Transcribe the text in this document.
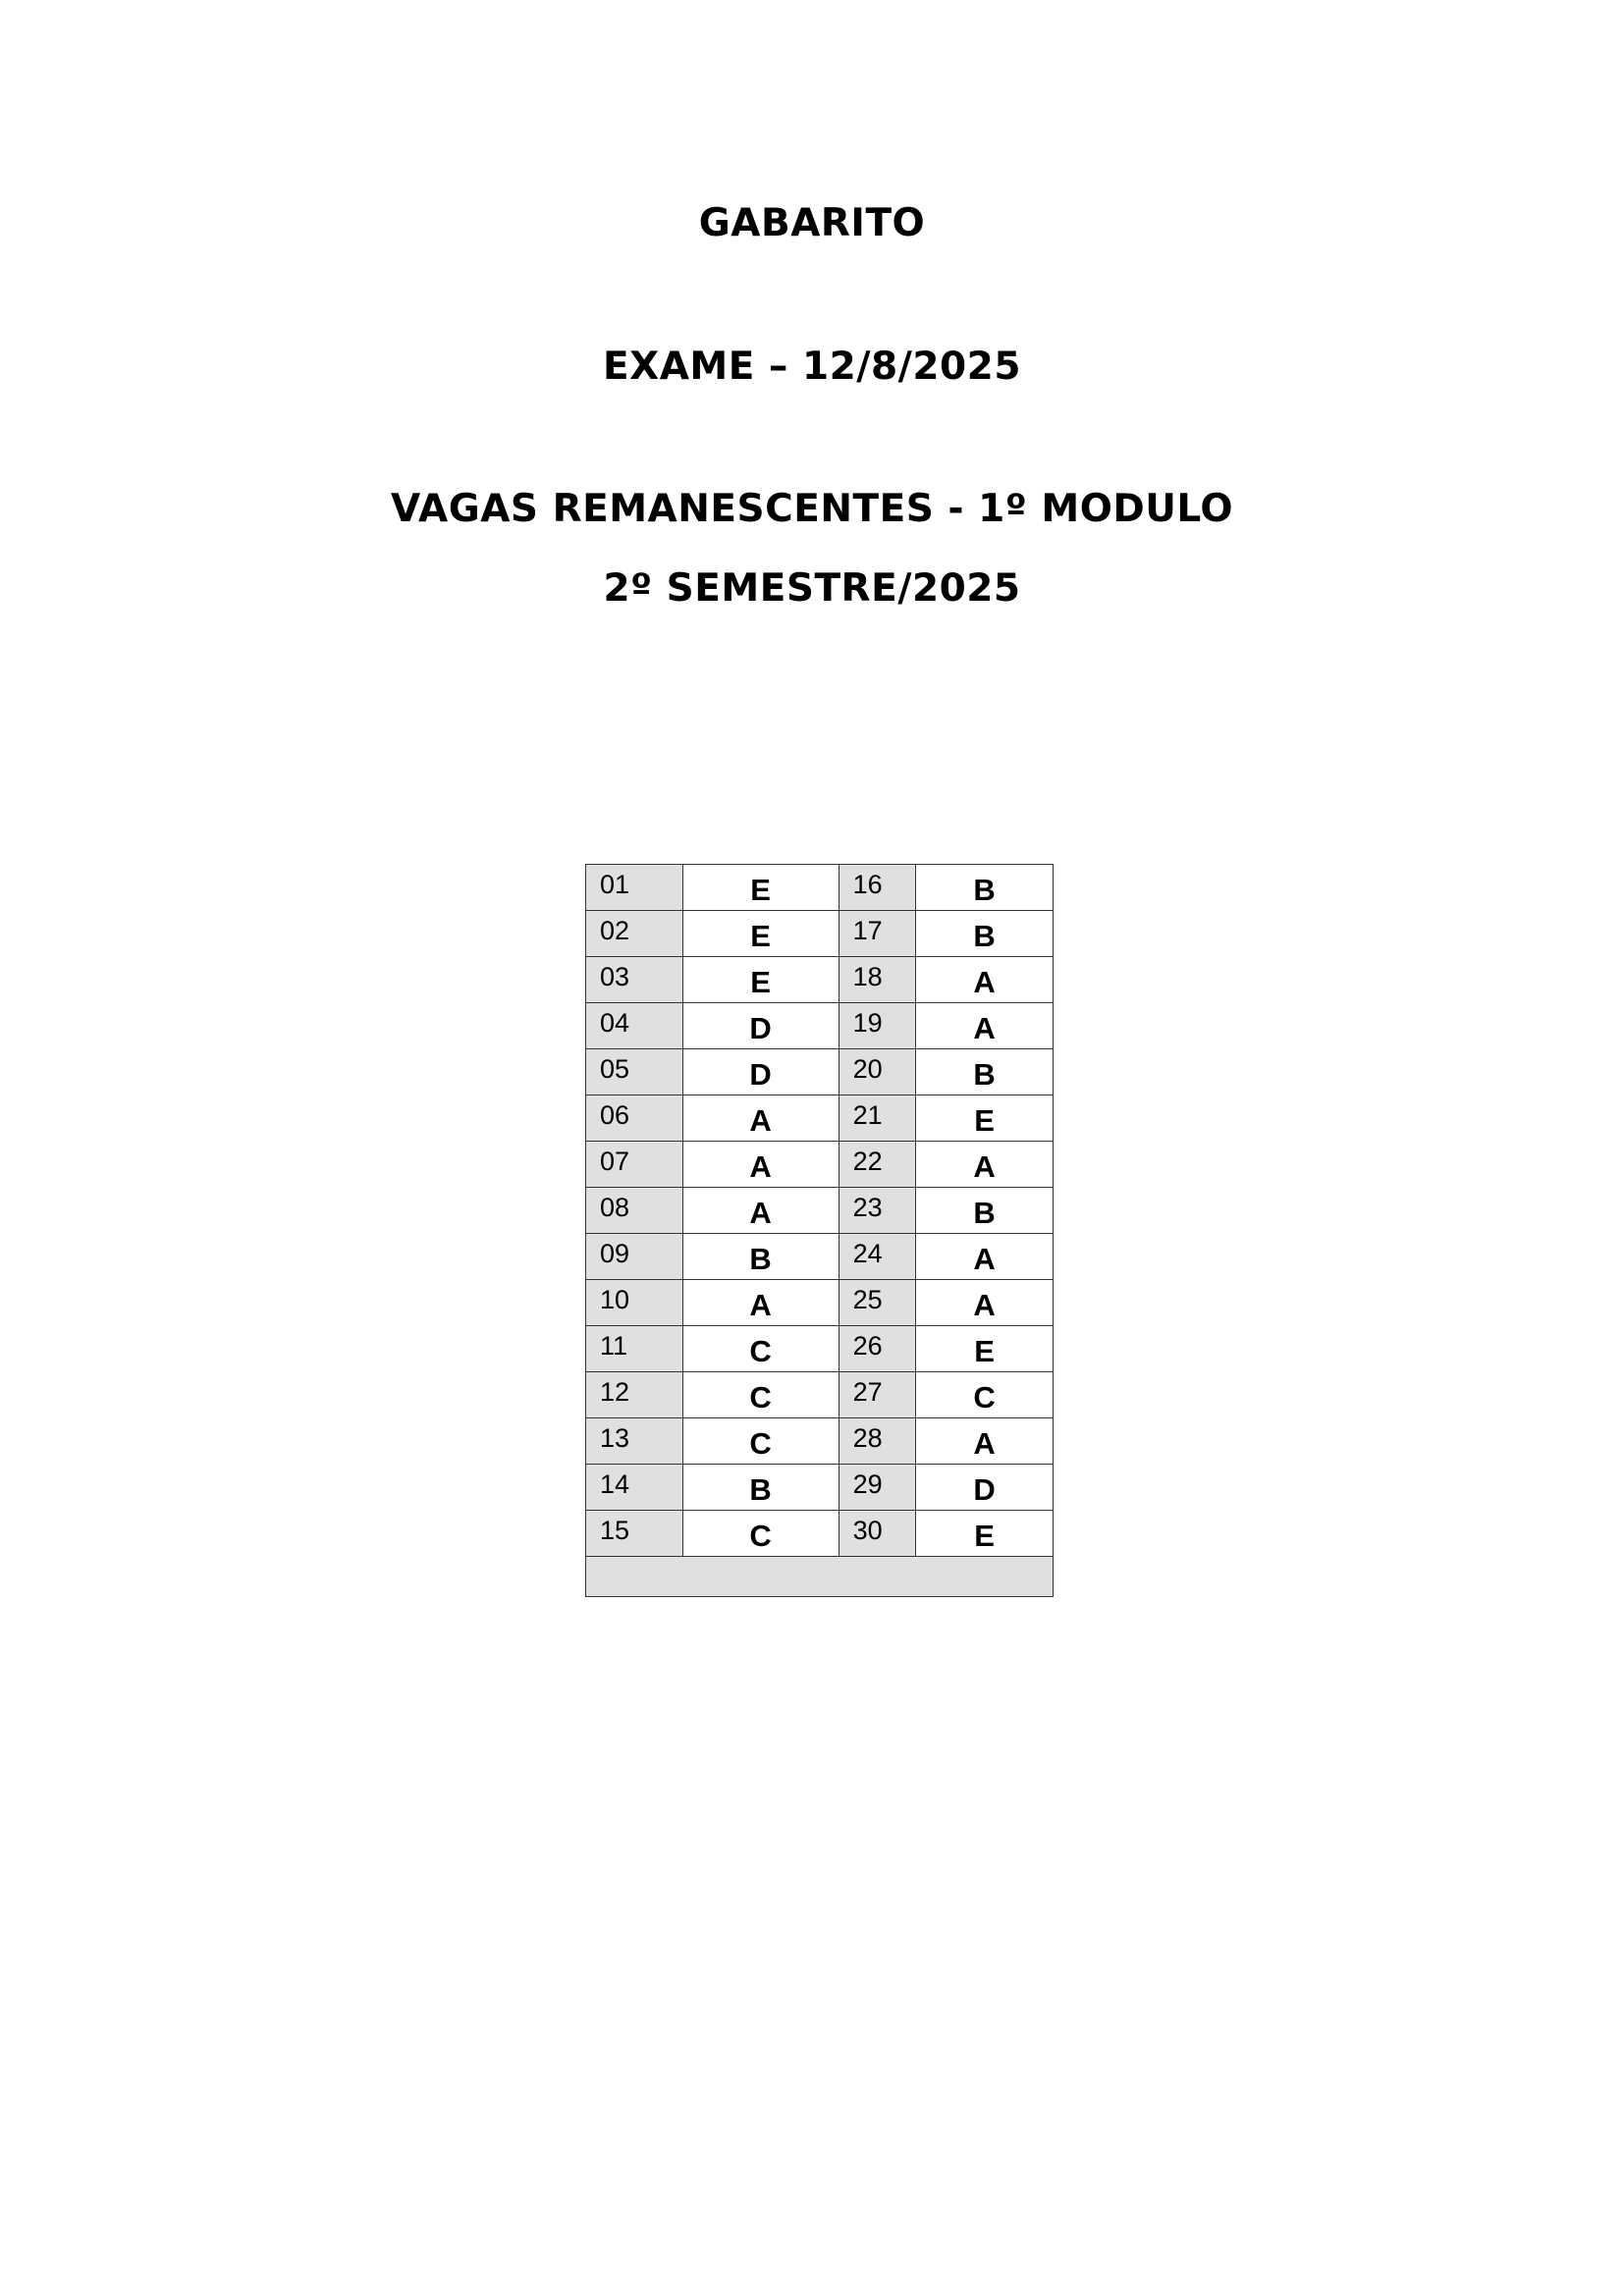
GABARITO
EXAME – 12/8/2025
VAGAS REMANESCENTES - 1º MODULO
2º SEMESTRE/2025
01	E	16	B
02	E	17	B
03	E	18	A
04	D	19	A
05	D	20	B
06	A	21	E
07	A	22	A
08	A	23	B
09	B	24	A
10	A	25	A
11	C	26	E
12	C	27	C
13	C	28	A
14	B	29	D
15	C	30	E
